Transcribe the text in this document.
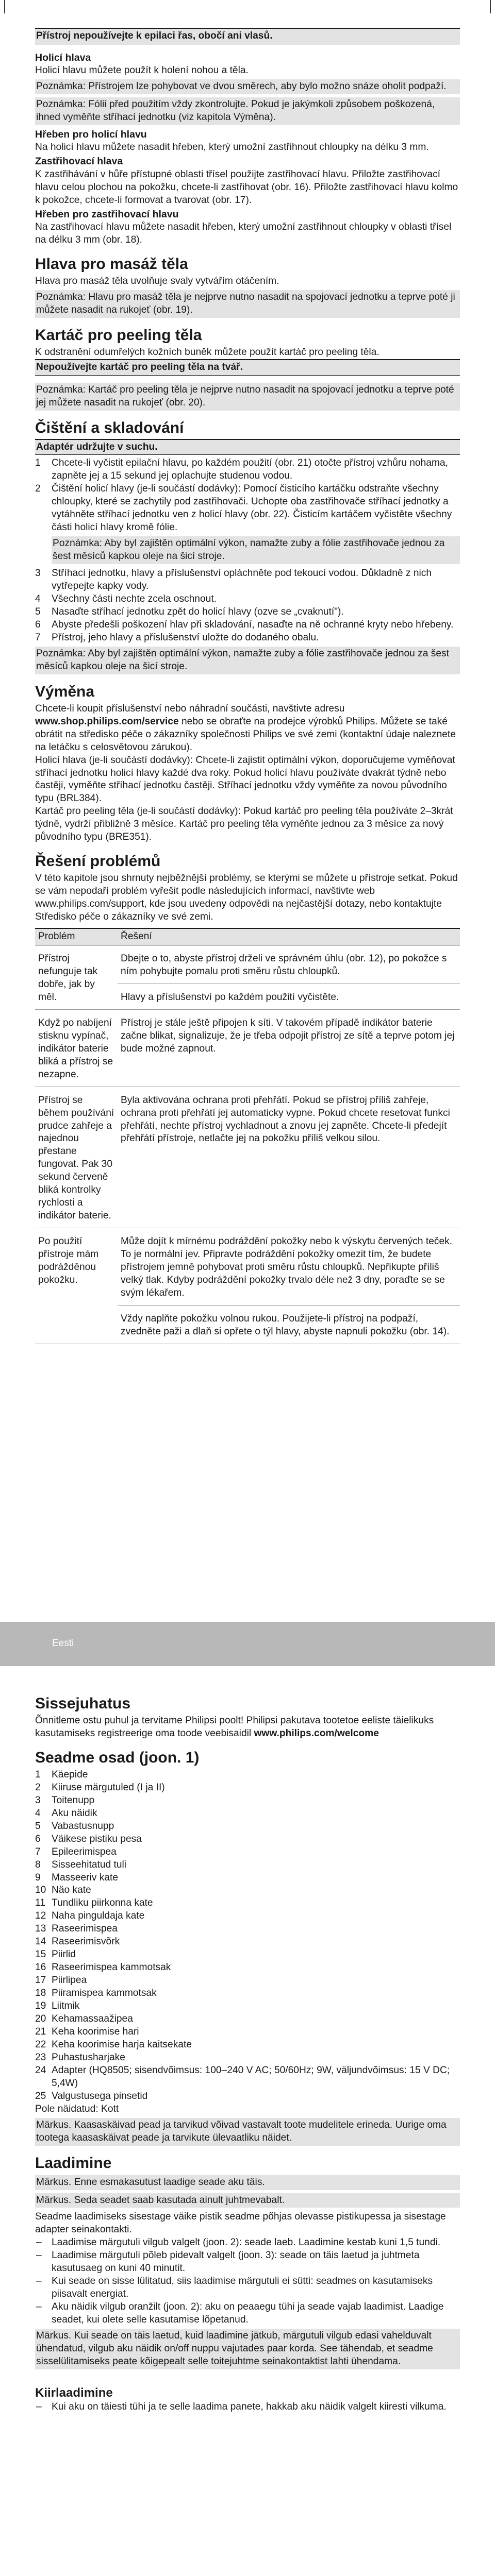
Přístroj nepoužívejte k epilaci řas, obočí ani vlasů.
Holicí hlava

Holicí hlavu můžete použít k holení nohou a těla.

Poznámka: Přístrojem lze pohybovat ve dvou směrech, aby bylo možno snáze oholit podpaží.
Poznámka: Fólii před použitím vždy zkontrolujte. Pokud je jakýmkoli způsobem poškozená, ihned vyměňte stříhací jednotku (viz kapitola Výměna).
Hřeben pro holicí hlavu

Na holicí hlavu můžete nasadit hřeben, který umožní zastřihnout chloupky na délku 3 mm.

Zastřihovací hlava

K zastřihávání v hůře přístupné oblasti třísel použijte zastřihovací hlavu. Přiložte zastřihovací hlavu celou plochou na pokožku, chcete-li zastřihovat (obr. 16). Přiložte zastřihovací hlavu kolmo k pokožce, chcete-li formovat a tvarovat (obr. 17).

Hřeben pro zastřihovací hlavu

Na zastřihovací hlavu můžete nasadit hřeben, který umožní zastřihnout chloupky v oblasti třísel na délku 3 mm (obr. 18).

Hlava pro masáž těla

Hlava pro masáž těla uvolňuje svaly vytvářím otáčením.

Poznámka: Hlavu pro masáž těla je nejprve nutno nasadit na spojovací jednotku a teprve poté ji můžete nasadit na rukojeť (obr. 19).
Kartáč pro peeling těla

K odstranění odumřelých kožních buněk můžete použít kartáč pro peeling těla.

Nepoužívejte kartáč pro peeling těla na tvář.
Poznámka: Kartáč pro peeling těla je nejprve nutno nasadit na spojovací jednotku a teprve poté jej můžete nasadit na rukojeť (obr. 20).
Čištění a skladování
Adaptér udržujte v suchu.
1	Chcete-li vyčistit epilační hlavu, po každém použití (obr. 21) otočte přístroj vzhůru nohama, zapněte jej a 15 sekund jej oplachujte studenou vodou.
2	Čištění holicí hlavy (je-li součástí dodávky): Pomocí čisticího kartáčku odstraňte všechny chloupky, které se zachytily pod zastřihovači. Uchopte oba zastřihovače stříhací jednotky a vytáhněte stříhací jednotku ven z holicí hlavy (obr. 22). Čisticím kartáčem vyčistěte všechny části holicí hlavy kromě fólie.
Poznámka: Aby byl zajištěn optimální výkon, namažte zuby a fólie zastřihovače jednou za šest měsíců kapkou oleje na šicí stroje.
3	Stříhací jednotku, hlavy a příslušenství opláchněte pod tekoucí vodou. Důkladně z nich vytřepejte kapky vody.
4	Všechny části nechte zcela oschnout.
5	Nasaďte stříhací jednotku zpět do holicí hlavy (ozve se „cvaknutí").
6	Abyste předešli poškození hlav při skladování, nasaďte na ně ochranné kryty nebo hřebeny.
7	Přístroj, jeho hlavy a příslušenství uložte do dodaného obalu.
Poznámka: Aby byl zajištěn optimální výkon, namažte zuby a fólie zastřihovače jednou za šest měsíců kapkou oleje na šicí stroje.
Výměna

Chcete-li koupit příslušenství nebo náhradní součásti, navštivte adresu www.shop.philips.com/service nebo se obraťte na prodejce výrobků Philips. Můžete se také obrátit na středisko péče o zákazníky společnosti Philips ve své zemi (kontaktní údaje naleznete na letáčku s celosvětovou zárukou).

Holicí hlava (je-li součástí dodávky): Chcete-li zajistit optimální výkon, doporučujeme vyměňovat stříhací jednotku holicí hlavy každé dva roky. Pokud holicí hlavu používáte dvakrát týdně nebo častěji, vyměňte stříhací jednotku častěji. Stříhací jednotku vždy vyměňte za novou původního typu (BRL384).

Kartáč pro peeling těla (je-li součástí dodávky): Pokud kartáč pro peeling těla používáte 2–3krát týdně, vydrží přibližně 3 měsíce. Kartáč pro peeling těla vyměňte jednou za 3 měsíce za nový původního typu (BRE351).

Řešení problémů

V této kapitole jsou shrnuty nejběžnější problémy, se kterými se můžete u přístroje setkat. Pokud se vám nepodaří problém vyřešit podle následujících informací, navštivte web www.philips.com/support, kde jsou uvedeny odpovědi na nejčastější dotazy, nebo kontaktujte Středisko péče o zákazníky ve své zemi.

Problém	Řešení
Přístroj nefunguje tak dobře, jak by měl.	Dbejte o to, abyste přístroj drželi ve správném úhlu (obr. 12), po pokožce s ním pohybujte pomalu proti směru růstu chloupků.
	Hlavy a příslušenství po každém použití vyčistěte.
Když po nabíjení stisknu vypínač, indikátor baterie bliká a přístroj se nezapne.	Přístroj je stále ještě připojen k síti. V takovém případě indikátor baterie začne blikat, signalizuje, že je třeba odpojit přístroj ze sítě a teprve potom jej bude možné zapnout.
Přístroj se během používání prudce zahřeje a najednou přestane fungovat. Pak 30 sekund červeně bliká kontrolky rychlosti a indikátor baterie.	Byla aktivována ochrana proti přehřátí. Pokud se přístroj příliš zahřeje, ochrana proti přehřátí jej automaticky vypne. Pokud chcete resetovat funkci přehřátí, nechte přístroj vychladnout a znovu jej zapněte. Chcete-li předejít přehřátí přístroje, netlačte jej na pokožku příliš velkou silou.
Po použití přístroje mám podrážděnou pokožku.	Může dojít k mírnému podráždění pokožky nebo k výskytu červených teček. To je normální jev. Připravte podráždění pokožky omezit tím, že budete přístrojem jemně pohybovat proti směru růstu chloupků. Nepřikupte příliš velký tlak. Kdyby podráždění pokožky trvalo déle než 3 dny, poraďte se se svým lékařem.
	Vždy naplňte pokožku volnou rukou. Použijete-li přístroj na podpaží, zvedněte paži a dlaň si opřete o týl hlavy, abyste napnuli pokožku (obr. 14).
Eesti
Sissejuhatus

Õnnitleme ostu puhul ja tervitame Philipsi poolt! Philipsi pakutava tootetoe eeliste täielikuks kasutamiseks registreerige oma toode veebisaidil www.philips.com/welcome

Seadme osad (joon. 1)
1	Käepide
2	Kiiruse märgutuled (I ja II)
3	Toitenupp
4	Aku näidik
5	Vabastusnupp
6	Väikese pistiku pesa
7	Epileerimispea
8	Sisseehitatud tuli
9	Masseeriv kate
10 Näo kate
11 Tundliku piirkonna kate
12 Naha pinguldaja kate
13 Raseerimispea
14 Raseerimisvõrk
15 Piirlid
16 Raseerimispea kammotsak
17 Piirlipea
18 Piiramispea kammotsak
19 Liitmik
20 Kehamassaažipea
21 Keha koorimise hari
22 Keha koorimise harja kaitsekate
23 Puhastusharjake
24 Adapter (HQ8505; sisendvõimsus: 100–240 V AC; 50/60Hz; 9W, väljundvõimsus: 15 V DC; 5,4W)
25 Valgustusega pinsetid
Pole näidatud: Kott
Märkus. Kaasaskäivad pead ja tarvikud võivad vastavalt toote mudelitele erineda. Uurige oma tootega kaasaskäivat peade ja tarvikute ülevaatliku näidet.
Laadimine
Märkus. Enne esmakasutust laadige seade aku täis.
Märkus. Seda seadet saab kasutada ainult juhtmevabalt.

Seadme laadimiseks sisestage väike pistik seadme põhjas olevasse pistikupessa ja sisestage adapter seinakontakti.

–	Laadimise märgutuli vilgub valgelt (joon. 2): seade laeb. Laadimine kestab kuni 1,5 tundi.
–	Laadimise märgutuli põleb pidevalt valgelt (joon. 3): seade on täis laetud ja juhtmeta kasutusaeg on kuni 40 minutit.
–	Kui seade on sisse lülitatud, siis laadimise märgutuli ei sütti: seadmes on kasutamiseks piisavalt energiat.
–	Aku näidik vilgub oranžilt (joon. 2): aku on peaaegu tühi ja seade vajab laadimist. Laadige seadet, kui olete selle kasutamise lõpetanud.
Märkus. Kui seade on täis laetud, kuid laadimine jätkub, märgutuli vilgub edasi vahelduvalt ühendatud, vilgub aku näidik on/off nuppu vajutades paar korda. See tähendab, et seadme sisselülitamiseks peate kõigepealt selle toitejuhtme seinakontaktist lahti ühendama.
Kiirlaadimine
–	Kui aku on täiesti tühi ja te selle laadima panete, hakkab aku näidik valgelt kiiresti vilkuma.
